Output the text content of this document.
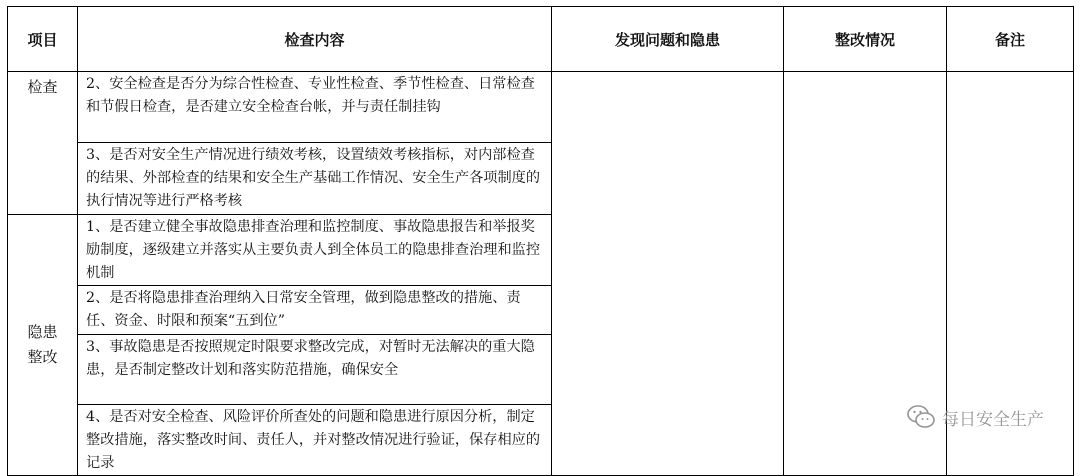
项目	检查内容	发现问题和隐患	整改情况	备注
检查	2、安全检查是否分为综合性检查、专业性检查、季节性检查、日常检查和节假日检查，是否建立安全检查台帐，并与责任制挂钩			
	3、是否对安全生产情况进行绩效考核，设置绩效考核指标，对内部检查的结果、外部检查的结果和安全生产基础工作情况、安全生产各项制度的执行情况等进行严格考核			
隐患整改	1、是否建立健全事故隐患排查治理和监控制度、事故隐患报告和举报奖励制度，逐级建立并落实从主要负责人到全体员工的隐患排查治理和监控机制			
	2、是否将隐患排查治理纳入日常安全管理，做到隐患整改的措施、责任、资金、时限和预案“五到位”			
	3、事故隐患是否按照规定时限要求整改完成，对暂时无法解决的重大隐患，是否制定整改计划和落实防范措施，确保安全			
	4、是否对安全检查、风险评价所查处的问题和隐患进行原因分析，制定整改措施，落实整改时间、责任人，并对整改情况进行验证，保存相应的记录			
每日安全生产
